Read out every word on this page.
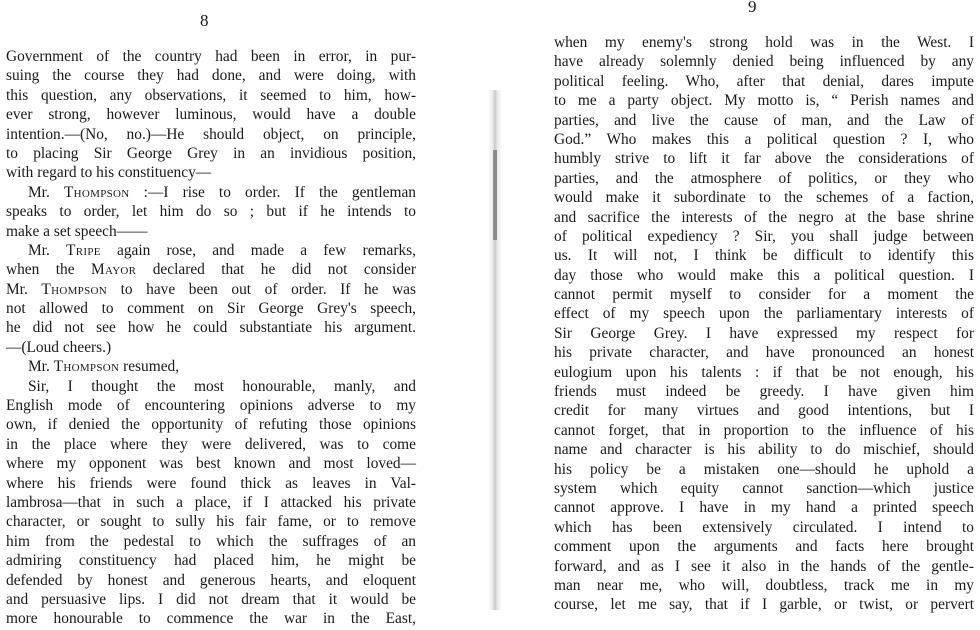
8
Government of the country had been in error, in pur-
suing the course they had done, and were doing, with
this question, any observations, it seemed to him, how-
ever strong, however luminous, would have a double
intention.—(No, no.)—He should object, on principle,
to placing Sir George Grey in an invidious position,
with regard to his constituency—
Mr. Thompson :—I rise to order. If the gentleman
speaks to order, let him do so ; but if he intends to
make a set speech——
Mr. Tripe again rose, and made a few remarks,
when the Mayor declared that he did not consider
Mr. Thompson to have been out of order. If he was
not allowed to comment on Sir George Grey's speech,
he did not see how he could substantiate his argument.
—(Loud cheers.)
Mr. Thompson resumed,
Sir, I thought the most honourable, manly, and
English mode of encountering opinions adverse to my
own, if denied the opportunity of refuting those opinions
in the place where they were delivered, was to come
where my opponent was best known and most loved—
where his friends were found thick as leaves in Val-
lambrosa—that in such a place, if I attacked his private
character, or sought to sully his fair fame, or to remove
him from the pedestal to which the suffrages of an
admiring constituency had placed him, he might be
defended by honest and generous hearts, and eloquent
and persuasive lips. I did not dream that it would be
more honourable to commence the war in the East,
9
when my enemy's strong hold was in the West. I
have already solemnly denied being influenced by any
political feeling. Who, after that denial, dares impute
to me a party object. My motto is, “ Perish names and
parties, and live the cause of man, and the Law of
God.” Who makes this a political question ? I, who
humbly strive to lift it far above the considerations of
parties, and the atmosphere of politics, or they who
would make it subordinate to the schemes of a faction,
and sacrifice the interests of the negro at the base shrine
of political expediency ? Sir, you shall judge between
us. It will not, I think be difficult to identify this
day those who would make this a political question. I
cannot permit myself to consider for a moment the
effect of my speech upon the parliamentary interests of
Sir George Grey. I have expressed my respect for
his private character, and have pronounced an honest
eulogium upon his talents : if that be not enough, his
friends must indeed be greedy. I have given him
credit for many virtues and good intentions, but I
cannot forget, that in proportion to the influence of his
name and character is his ability to do mischief, should
his policy be a mistaken one—should he uphold a
system which equity cannot sanction—which justice
cannot approve. I have in my hand a printed speech
which has been extensively circulated. I intend to
comment upon the arguments and facts here brought
forward, and as I see it also in the hands of the gentle-
man near me, who will, doubtless, track me in my
course, let me say, that if I garble, or twist, or pervert
